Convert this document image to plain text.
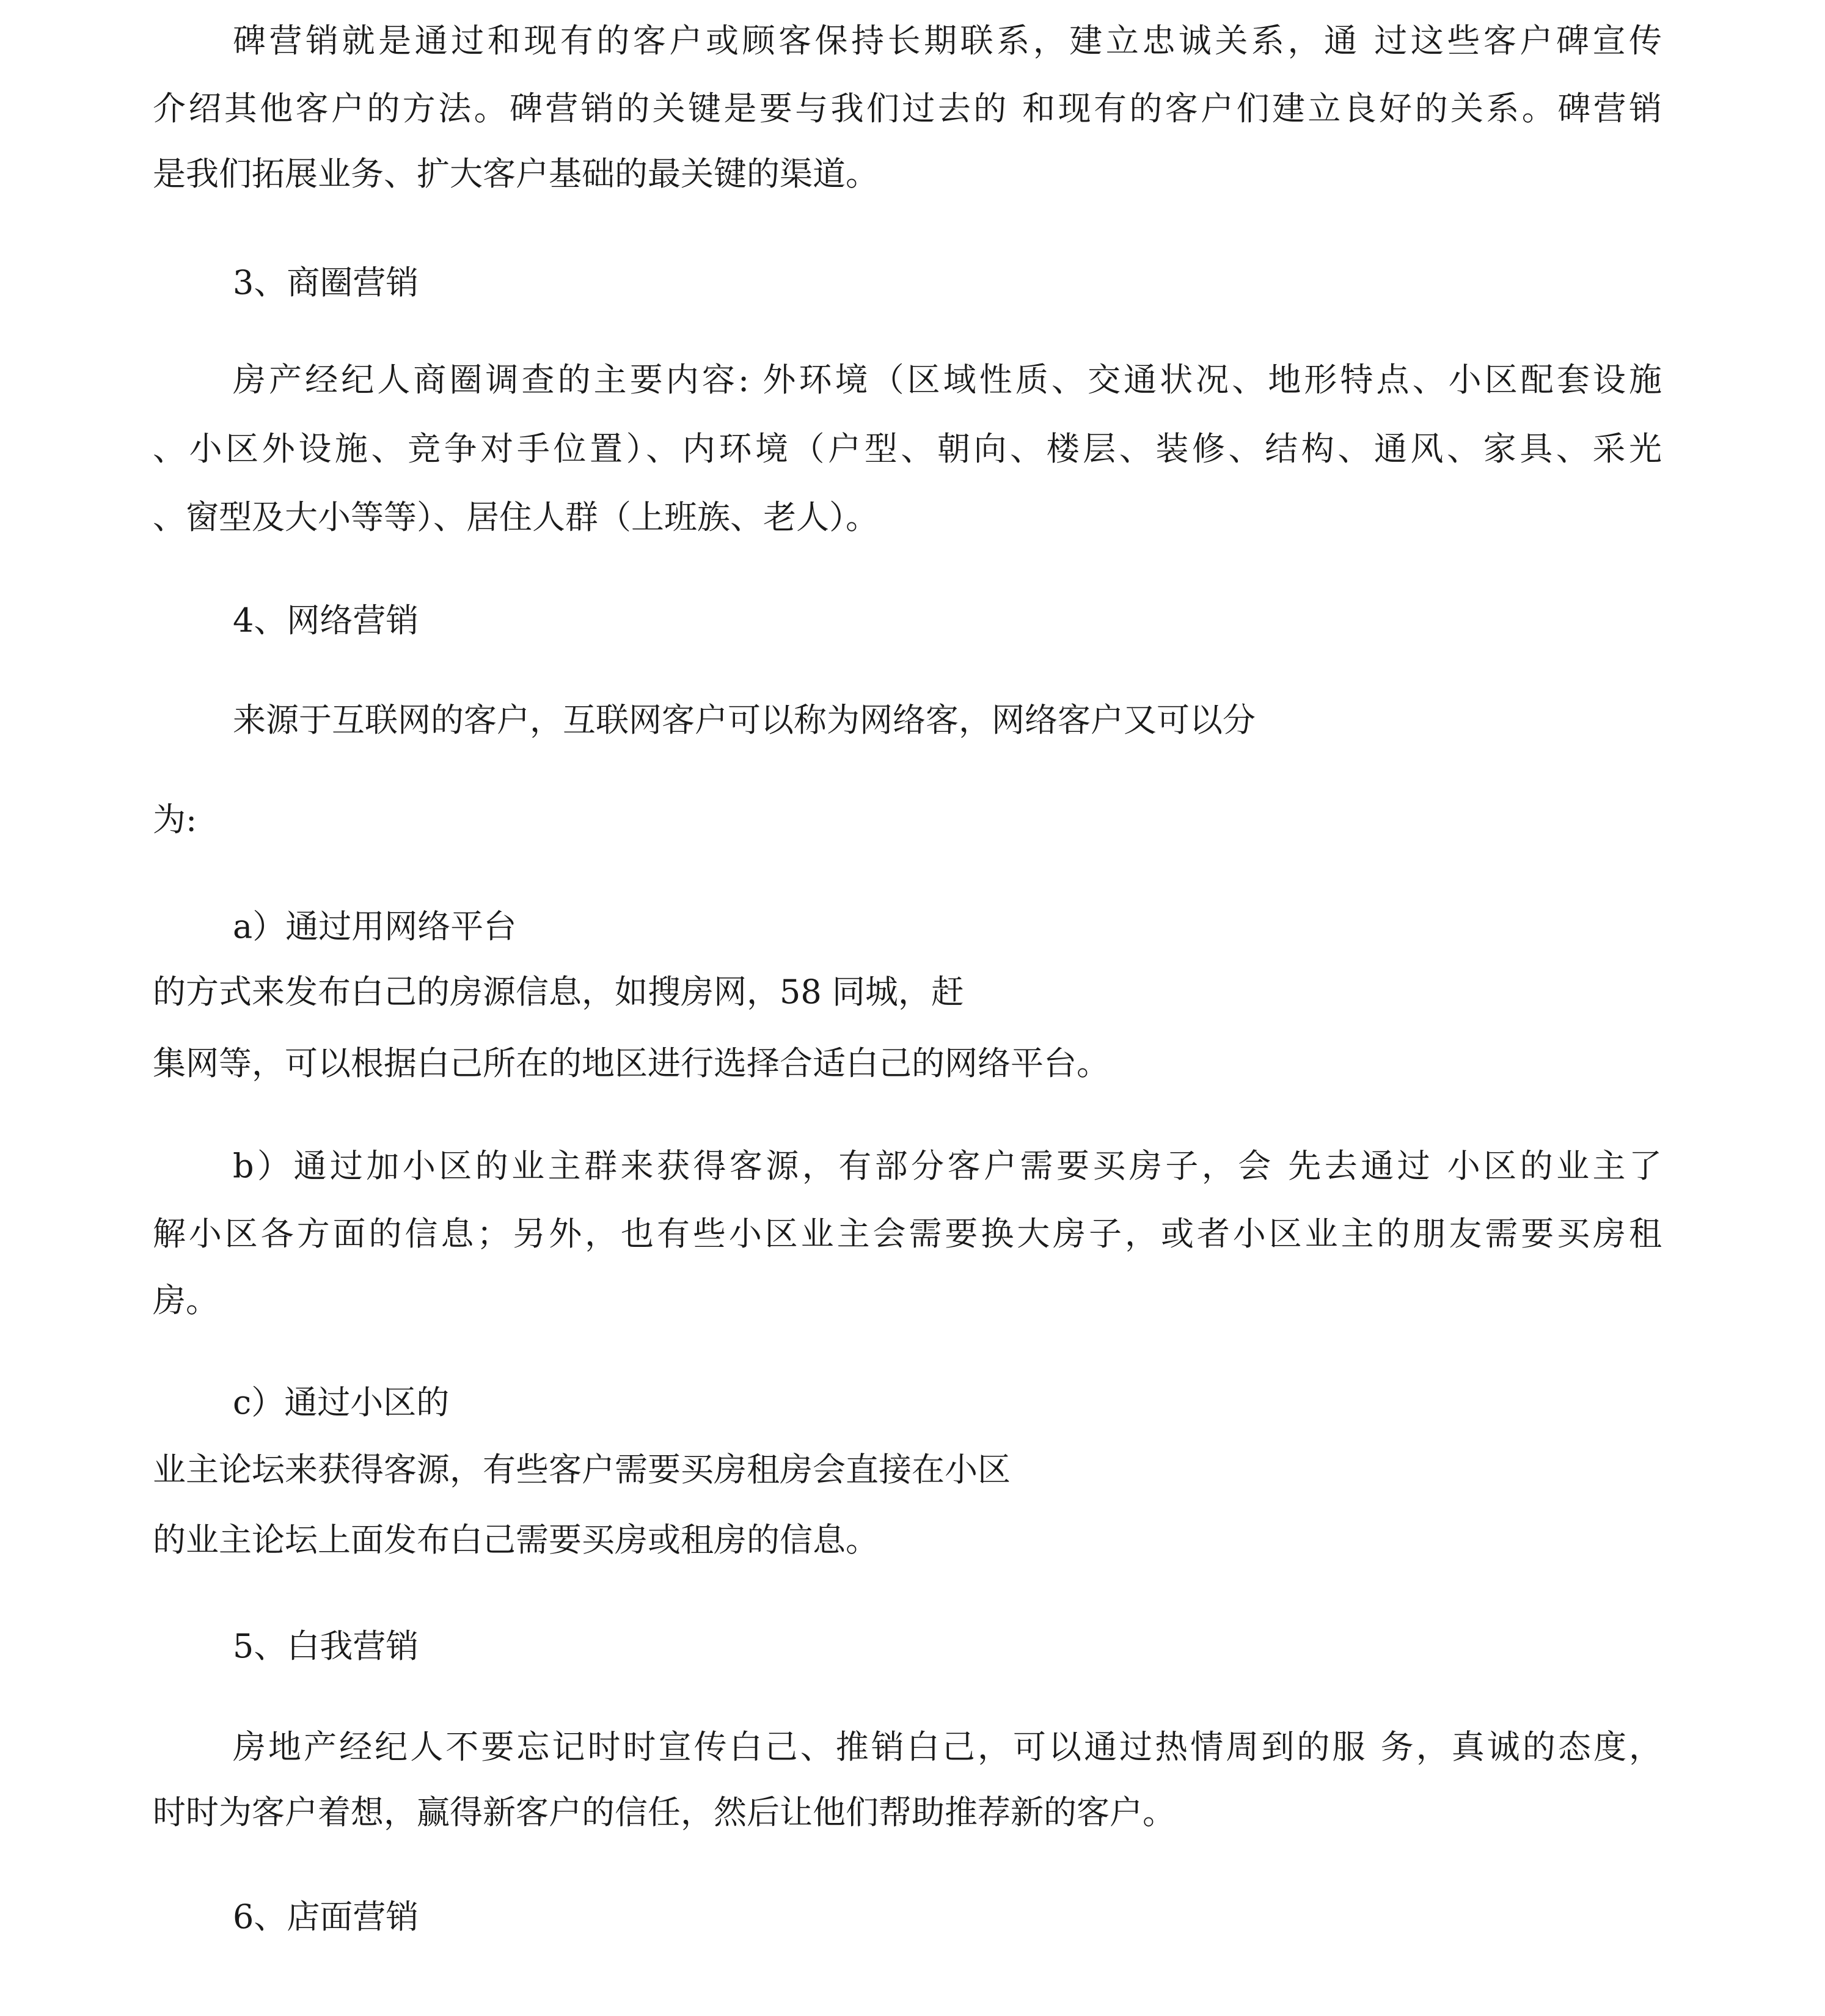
碑营销就是通过和现有的客户或顾客保持长期联系，建立忠诚关系，通 过这些客户碑宣传
介绍其他客户的方法。碑营销的关键是要与我们过去的 和现有的客户们建立良好的关系。碑营销
是我们拓展业务、扩大客户基础的最关键的渠道。
3、商圈营销
房产经纪人商圈调查的主要内容: 外环境（区域性质、交通状况、地形特点、小区配套设施
、小区外设施、竞争对手位置）、内环境（户型、朝向、楼层、装修、结构、通风、家具、采光
、窗型及大小等等）、居住人群（上班族、老人）。
4、网络营销
来源于互联网的客户，互联网客户可以称为网络客，网络客户又可以分
为:
a）通过用网络平台
的方式来发布白己的房源信息，如搜房网，58 同城，赶
集网等，可以根据白己所在的地区进行选择合适白己的网络平台。
b）通过加小区的业主群来获得客源，有部分客户需要买房子，会 先去通过 小区的业主了
解小区各方面的信息；另外，也有些小区业主会需要换大房子，或者小区业主的朋友需要买房租
房。
c）通过小区的
业主论坛来获得客源，有些客户需要买房租房会直接在小区
的业主论坛上面发布白己需要买房或租房的信息。
5、白我营销
房地产经纪人不要忘记时时宣传白己、推销白己，可以通过热情周到的服 务，真诚的态度，
时时为客户着想，赢得新客户的信任，然后让他们帮助推荐新的客户。
6、店面营销
